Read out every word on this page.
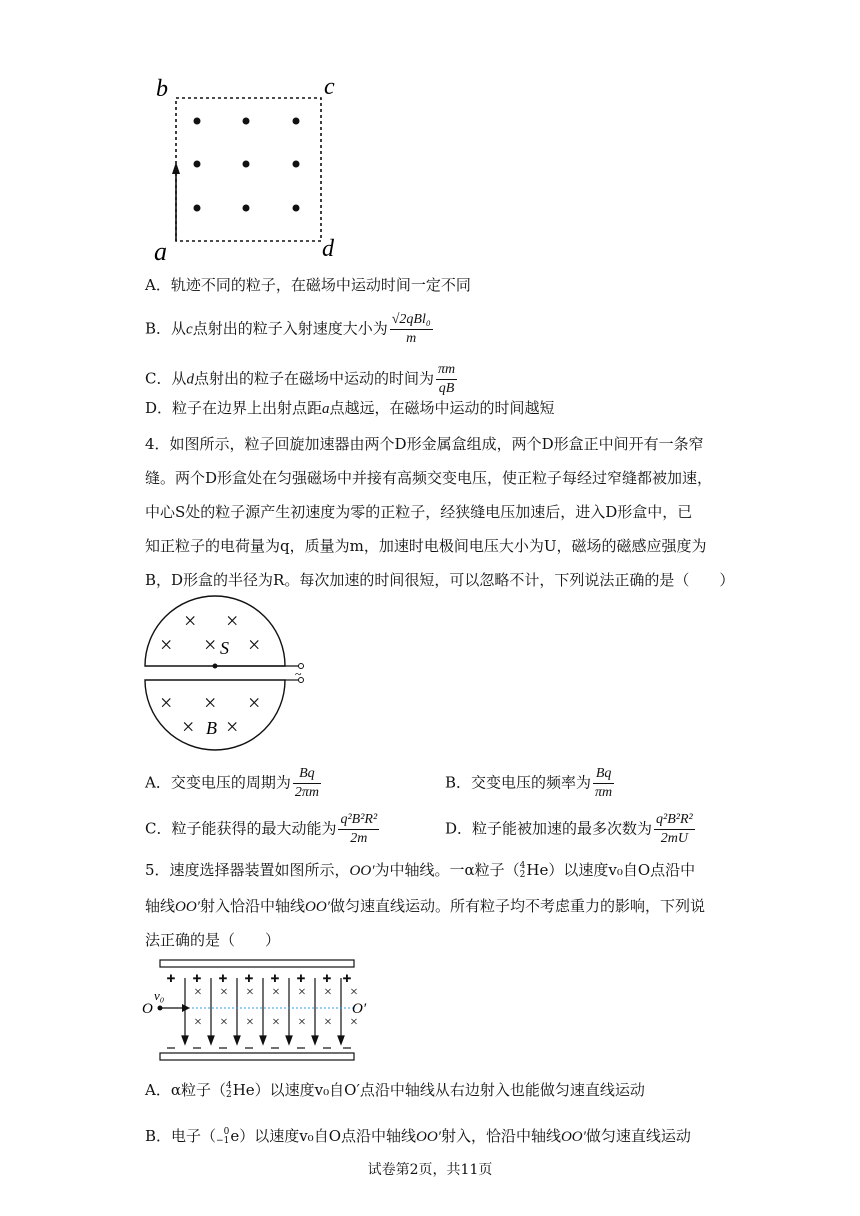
b	c
a	d
A．轨迹不同的粒子，在磁场中运动时间一定不同
B．从c点射出的粒子入射速度大小为 $\frac{\text{√2qBl₀}}{m}$
C．从d点射出的粒子在磁场中运动的时间为 $\frac{\pi m}{qB}$
D．粒子在边界上出射点距a点越远，在磁场中运动的时间越短
4．如图所示，粒子回旋加速器由两个D形金属盒组成，两个D形盒正中间开有一条窄
缝。两个D形盒处在匀强磁场中并接有高频交变电压，使正粒子每经过窄缝都被加速，
中心S处的粒子源产生初速度为零的正粒子，经狭缝电压加速后，进入D形盒中，已
知正粒子的电荷量为q，质量为m，加速时电极间电压大小为U，磁场的磁感应强度为
B，D形盒的半径为R。每次加速的时间很短，可以忽略不计，下列说法正确的是（　　）
~
× ×
× × ×
× × ×
× ×
S
B
A．交变电压的周期为 $\frac{Bq}{2\pi m}$	B．交变电压的频率为 $\frac{Bq}{\pi m}$
C．粒子能获得的最大动能为 $\frac{\text{q²B²R²}}{2m}$	D．粒子能被加速的最多次数为 $\frac{\text{q²B²R²}}{2mU}$
5．速度选择器装置如图所示，OO′为中轴线。一α粒子（4
2He）以速度v₀自O点沿中
轴线OO′射入恰沿中轴线OO′做匀速直线运动。所有粒子均不考虑重力的影响，下列说
法正确的是（　　）
+
×
×
+
×
×
+
×
×
+
×
×
+
×
×
+
×
×
+
×
×
+
v₀
O	O′
A．α粒子（4
2He）以速度v₀自O′点沿中轴线从右边射入也能做匀速直线运动
B．电子（ 0
−1e）以速度v₀自O点沿中轴线OO′射入，恰沿中轴线OO′做匀速直线运动
试卷第2页，共11页
